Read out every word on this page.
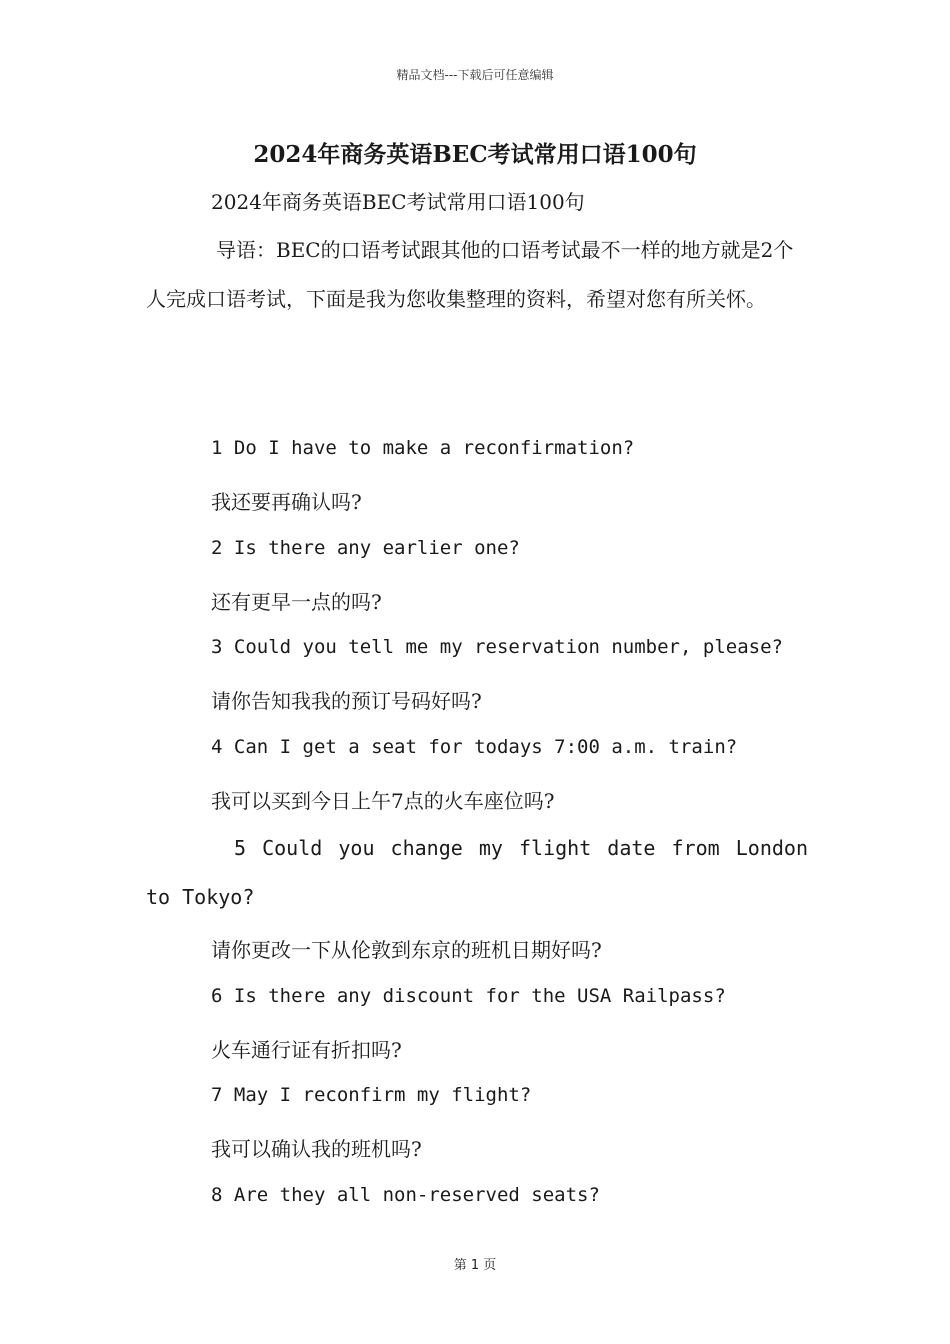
精品文档---下载后可任意编辑
2024年商务英语BEC考试常用口语100句
2024年商务英语BEC考试常用口语100句
导语：BEC的口语考试跟其他的口语考试最不一样的地方就是2个人完成口语考试，下面是我为您收集整理的资料，希望对您有所关怀。
1 Do I have to make a reconfirmation?
我还要再确认吗?
2 Is there any earlier one?
还有更早一点的吗?
3 Could you tell me my reservation number, please?
请你告知我我的预订号码好吗?
4 Can I get a seat for todays 7:00 a.m. train?
我可以买到今日上午7点的火车座位吗?
5 Could you change my flight date from London to Tokyo?
请你更改一下从伦敦到东京的班机日期好吗?
6 Is there any discount for the USA Railpass?
火车通行证有折扣吗?
7 May I reconfirm my flight?
我可以确认我的班机吗?
8 Are they all non-reserved seats?
第 1 页
